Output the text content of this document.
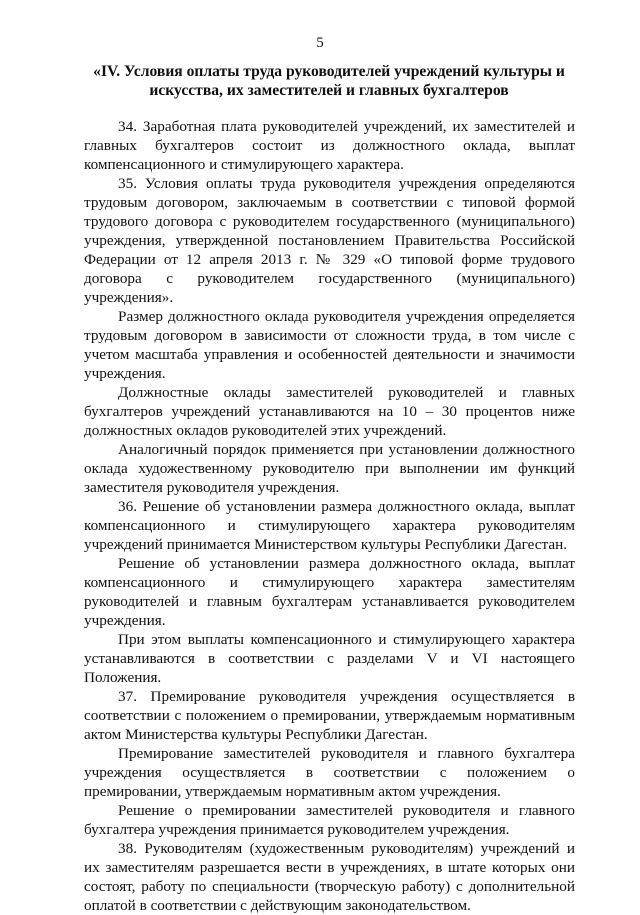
5
«IV. Условия оплаты труда руководителей учреждений культуры и искусства, их заместителей и главных бухгалтеров

34. Заработная плата руководителей учреждений, их заместителей и главных бухгалтеров состоит из должностного оклада, выплат компенсационного и стимулирующего характера.

35. Условия оплаты труда руководителя учреждения определяются трудовым договором, заключаемым в соответствии с типовой формой трудового договора с руководителем государственного (муниципального) учреждения, утвержденной постановлением Правительства Российской Федерации от 12 апреля 2013 г. № 329 «О типовой форме трудового договора с руководителем государственного (муниципального) учреждения».

Размер должностного оклада руководителя учреждения определяется трудовым договором в зависимости от сложности труда, в том числе с учетом масштаба управления и особенностей деятельности и значимости учреждения.

Должностные оклады заместителей руководителей и главных бухгалтеров учреждений устанавливаются на 10 – 30 процентов ниже должностных окладов руководителей этих учреждений.

Аналогичный порядок применяется при установлении должностного оклада художественному руководителю при выполнении им функций заместителя руководителя учреждения.

36. Решение об установлении размера должностного оклада, выплат компенсационного и стимулирующего характера руководителям учреждений принимается Министерством культуры Республики Дагестан.

Решение об установлении размера должностного оклада, выплат компенсационного и стимулирующего характера заместителям руководителей и главным бухгалтерам устанавливается руководителем учреждения.

При этом выплаты компенсационного и стимулирующего характера устанавливаются в соответствии с разделами V и VI настоящего Положения.

37. Премирование руководителя учреждения осуществляется в соответствии с положением о премировании, утверждаемым нормативным актом Министерства культуры Республики Дагестан.

Премирование заместителей руководителя и главного бухгалтера учреждения осуществляется в соответствии с положением о премировании, утверждаемым нормативным актом учреждения.

Решение о премировании заместителей руководителя и главного бухгалтера учреждения принимается руководителем учреждения.

38. Руководителям (художественным руководителям) учреждений и их заместителям разрешается вести в учреждениях, в штате которых они состоят, работу по специальности (творческую работу) с дополнительной оплатой в соответствии с действующим законодательством.
